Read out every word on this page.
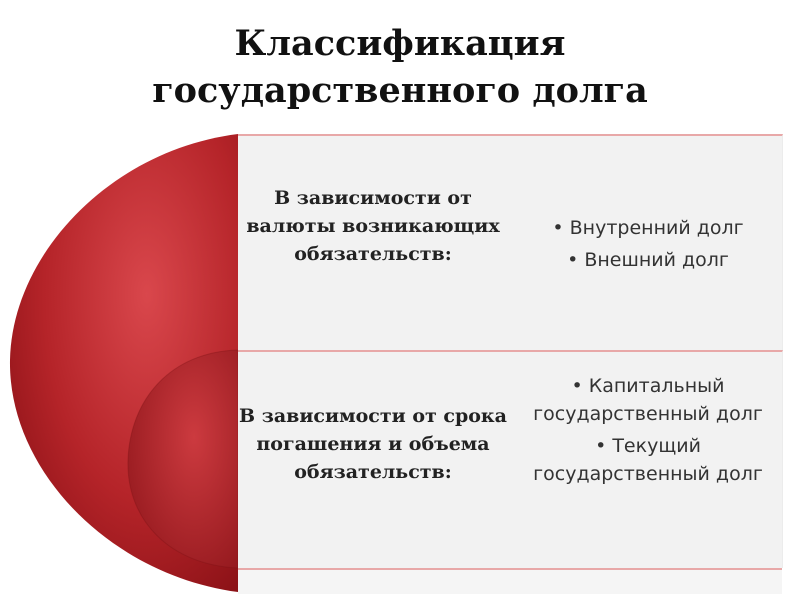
Классификация
государственного долга
В зависимости от валюты возникающих обязательств:
• Внутренний долг
• Внешний долг
В зависимости от срока погашения и объема обязательств:
• Капитальный государственный долг
• Текущий государственный долг
